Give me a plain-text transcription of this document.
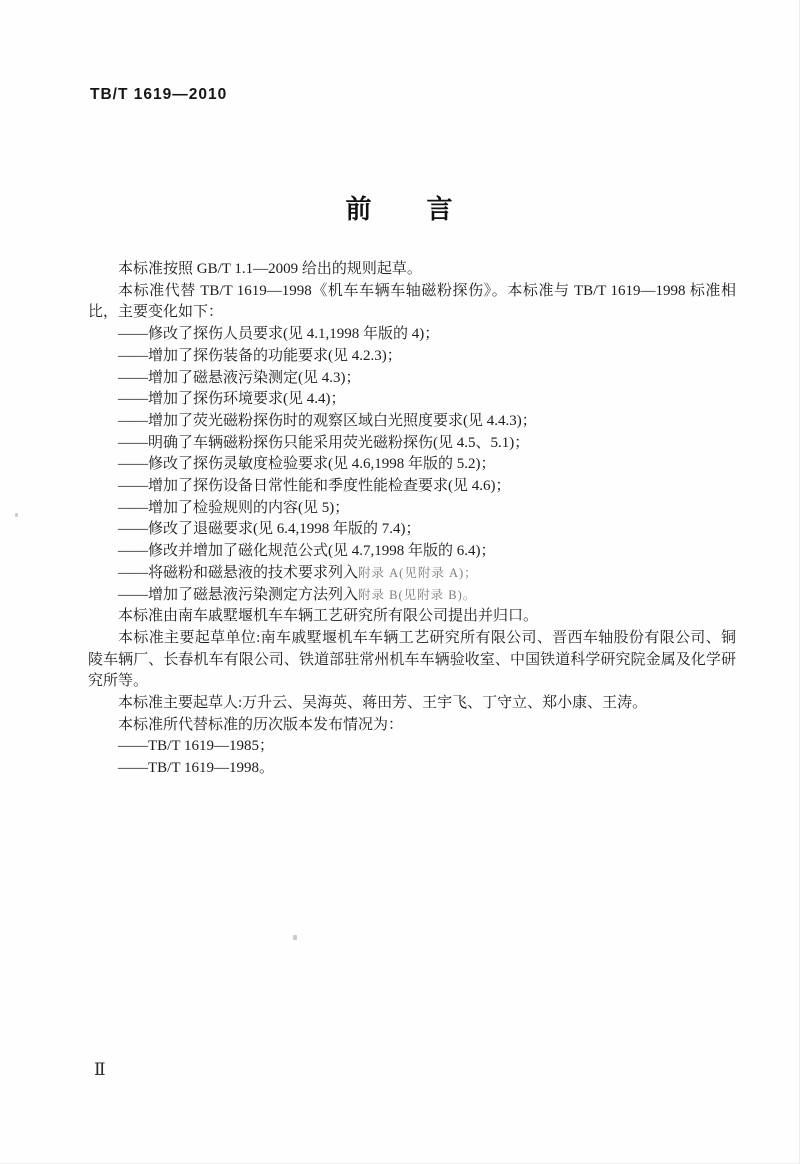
TB/T 1619—2010
前　　言

本标准按照 GB/T 1.1—2009 给出的规则起草。

本标准代替 TB/T 1619—1998《机车车辆车轴磁粉探伤》。本标准与 TB/T 1619—1998 标准相比，主要变化如下：

——修改了探伤人员要求(见 4.1,1998 年版的 4)；

——增加了探伤装备的功能要求(见 4.2.3)；

——增加了磁悬液污染测定(见 4.3)；

——增加了探伤环境要求(见 4.4)；

——增加了荧光磁粉探伤时的观察区域白光照度要求(见 4.4.3)；

——明确了车辆磁粉探伤只能采用荧光磁粉探伤(见 4.5、5.1)；

——修改了探伤灵敏度检验要求(见 4.6,1998 年版的 5.2)；

——增加了探伤设备日常性能和季度性能检查要求(见 4.6)；

——增加了检验规则的内容(见 5)；

——修改了退磁要求(见 6.4,1998 年版的 7.4)；

——修改并增加了磁化规范公式(见 4.7,1998 年版的 6.4)；

——将磁粉和磁悬液的技术要求列入附录 A(见附录 A)；

——增加了磁悬液污染测定方法列入附录 B(见附录 B)。

本标准由南车戚墅堰机车车辆工艺研究所有限公司提出并归口。

本标准主要起草单位:南车戚墅堰机车车辆工艺研究所有限公司、晋西车轴股份有限公司、铜陵车辆厂、长春机车有限公司、铁道部驻常州机车车辆验收室、中国铁道科学研究院金属及化学研究所等。

本标准主要起草人:万升云、吴海英、蒋田芳、王宇飞、丁守立、郑小康、王涛。

本标准所代替标准的历次版本发布情况为：

——TB/T 1619—1985；

——TB/T 1619—1998。

Ⅱ
